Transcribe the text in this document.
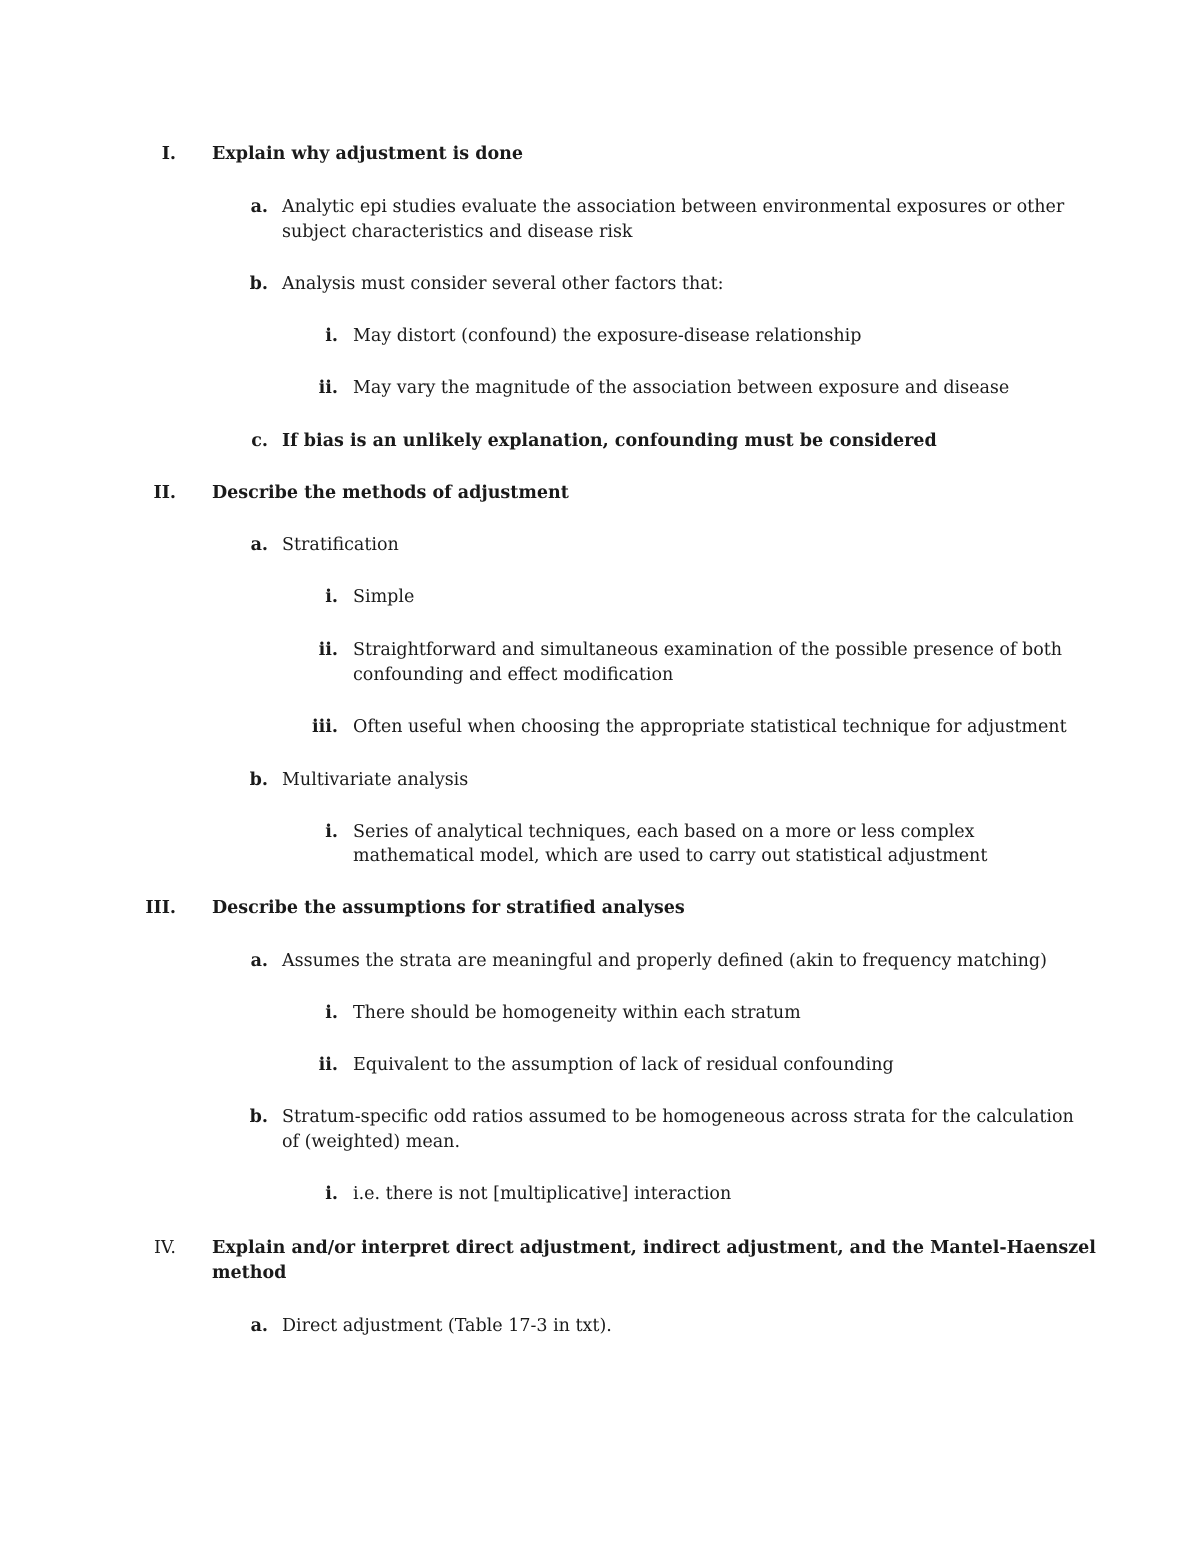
I. Explain why adjustment is done
a. Analytic epi studies evaluate the association between environmental exposures or other
subject characteristics and disease risk
b. Analysis must consider several other factors that:
i. May distort (confound) the exposure-disease relationship
ii. May vary the magnitude of the association between exposure and disease
c. If bias is an unlikely explanation, confounding must be considered
II. Describe the methods of adjustment
a. Stratification
i. Simple
ii. Straightforward and simultaneous examination of the possible presence of both
confounding and effect modification
iii. Often useful when choosing the appropriate statistical technique for adjustment
b. Multivariate analysis
i. Series of analytical techniques, each based on a more or less complex
mathematical model, which are used to carry out statistical adjustment
III. Describe the assumptions for stratified analyses
a. Assumes the strata are meaningful and properly defined (akin to frequency matching)
i. There should be homogeneity within each stratum
ii. Equivalent to the assumption of lack of residual confounding
b. Stratum-specific odd ratios assumed to be homogeneous across strata for the calculation
of (weighted) mean.
i. i.e. there is not [multiplicative] interaction
IV. Explain and/or interpret direct adjustment, indirect adjustment, and the Mantel-Haenszel
method
a. Direct adjustment (Table 17-3 in txt).
